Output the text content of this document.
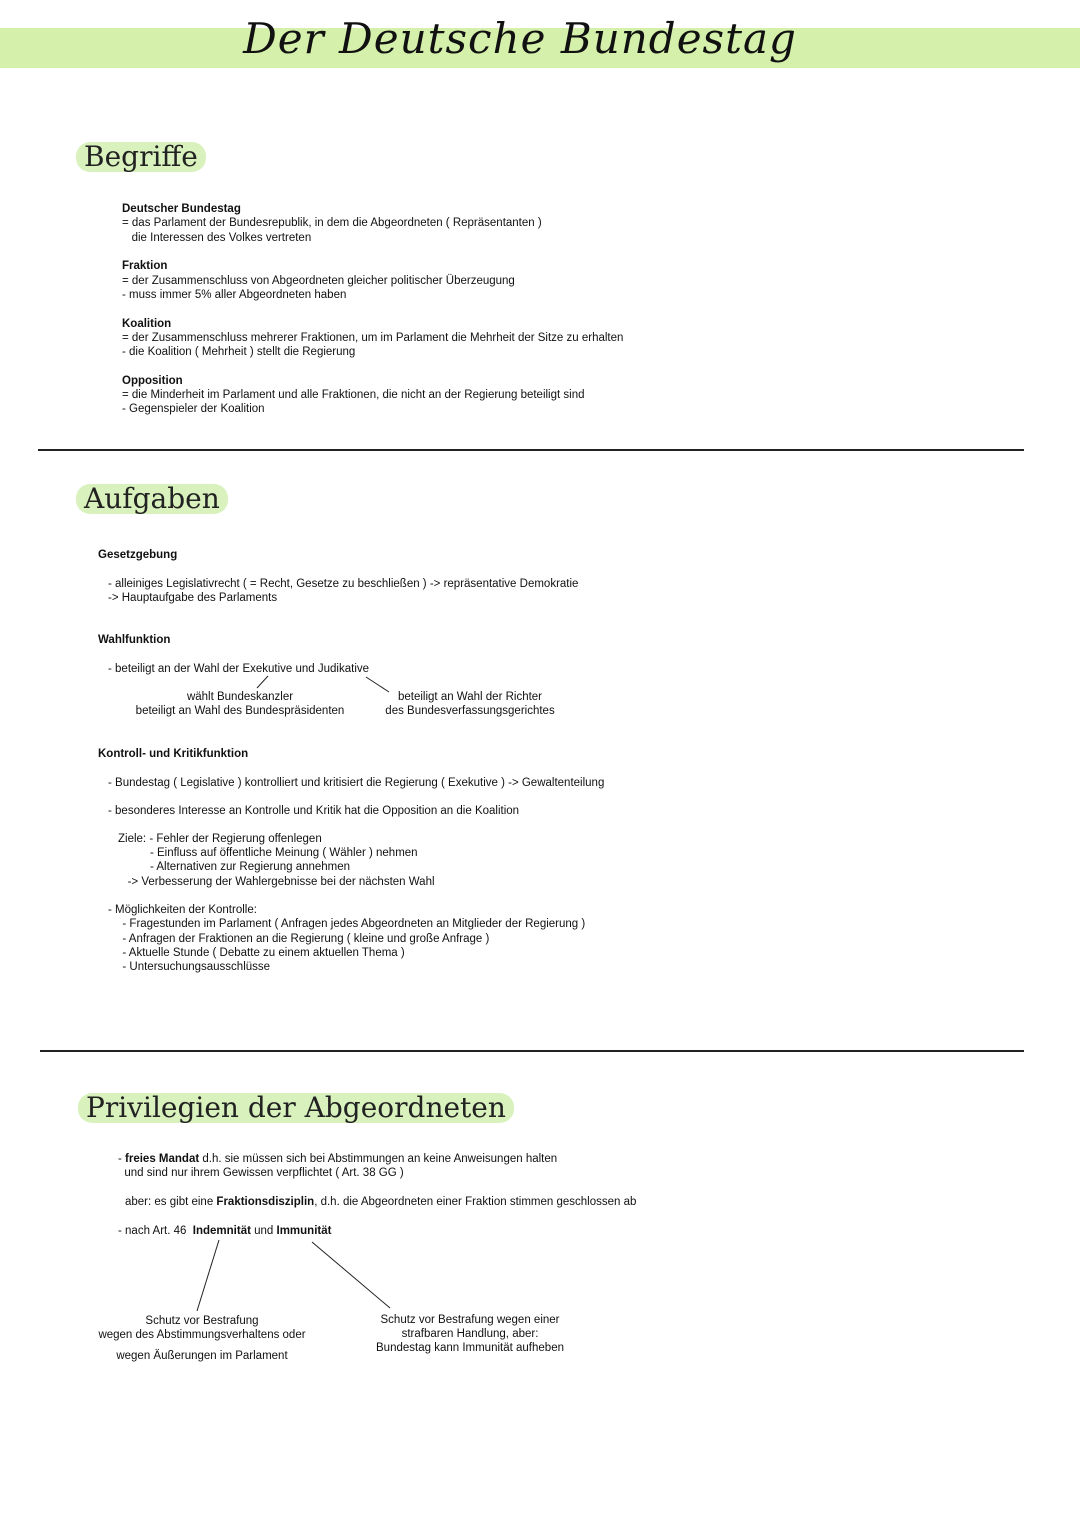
Der Deutsche Bundestag
Begriffe
Deutscher Bundestag
= das Parlament der Bundesrepublik, in dem die Abgeordneten ( Repräsentanten )
die Interessen des Volkes vertreten
Fraktion
= der Zusammenschluss von Abgeordneten gleicher politischer Überzeugung
- muss immer 5% aller Abgeordneten haben
Koalition
= der Zusammenschluss mehrerer Fraktionen, um im Parlament die Mehrheit der Sitze zu erhalten
- die Koalition ( Mehrheit ) stellt die Regierung
Opposition
= die Minderheit im Parlament und alle Fraktionen, die nicht an der Regierung beteiligt sind
- Gegenspieler der Koalition
Aufgaben
Gesetzgebung
- alleiniges Legislativrecht ( = Recht, Gesetze zu beschließen ) -> repräsentative Demokratie
-> Hauptaufgabe des Parlaments
Wahlfunktion
- beteiligt an der Wahl der Exekutive und Judikative
wählt Bundeskanzler
beteiligt an Wahl des Bundespräsidenten
beteiligt an Wahl der Richter
des Bundesverfassungsgerichtes
Kontroll- und Kritikfunktion
- Bundestag ( Legislative ) kontrolliert und kritisiert die Regierung ( Exekutive ) -> Gewaltenteilung
- besonderes Interesse an Kontrolle und Kritik hat die Opposition an die Koalition
Ziele: - Fehler der Regierung offenlegen
- Einfluss auf öffentliche Meinung ( Wähler ) nehmen
- Alternativen zur Regierung annehmen
-> Verbesserung der Wahlergebnisse bei der nächsten Wahl
- Möglichkeiten der Kontrolle:
- Fragestunden im Parlament ( Anfragen jedes Abgeordneten an Mitglieder der Regierung )
- Anfragen der Fraktionen an die Regierung ( kleine und große Anfrage )
- Aktuelle Stunde ( Debatte zu einem aktuellen Thema )
- Untersuchungsausschlüsse
Privilegien der Abgeordneten
- freies Mandat d.h. sie müssen sich bei Abstimmungen an keine Anweisungen halten
und sind nur ihrem Gewissen verpflichtet ( Art. 38 GG )
aber: es gibt eine Fraktionsdisziplin, d.h. die Abgeordneten einer Fraktion stimmen geschlossen ab
- nach Art. 46  Indemnität und Immunität
Schutz vor Bestrafung
wegen des Abstimmungsverhaltens oder
wegen Äußerungen im Parlament
Schutz vor Bestrafung wegen einer
strafbaren Handlung, aber:
Bundestag kann Immunität aufheben
